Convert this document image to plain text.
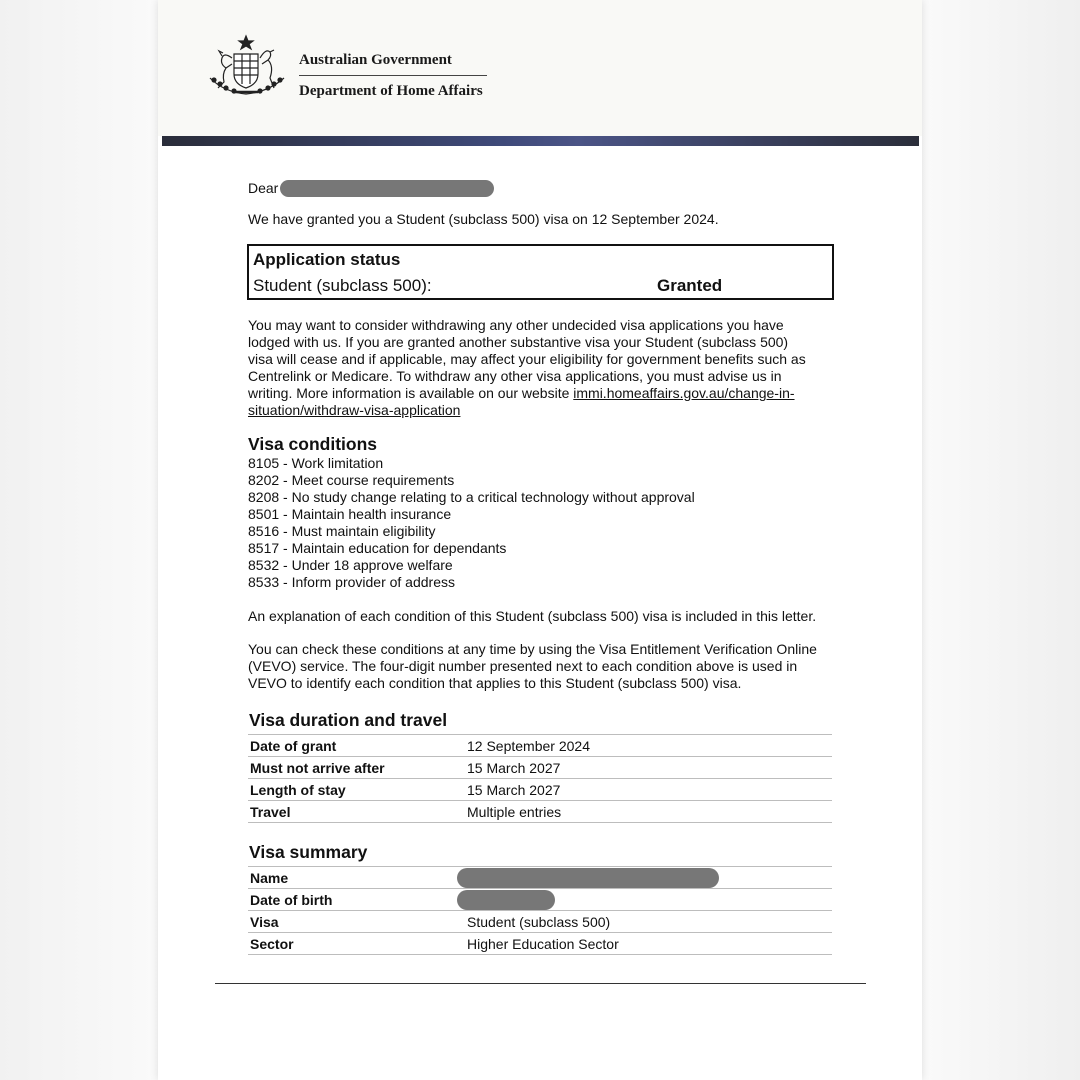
Australian Government
Department of Home Affairs
Dear

We have granted you a Student (subclass 500) visa on 12 September 2024.

Application status
Student (subclass 500):	Granted

You may want to consider withdrawing any other undecided visa applications you have lodged with us. If you are granted another substantive visa your Student (subclass 500) visa will cease and if applicable, may affect your eligibility for government benefits such as Centrelink or Medicare. To withdraw any other visa applications, you must advise us in writing. More information is available on our website immi.homeaffairs.gov.au/change-in-situation/withdraw-visa-application

Visa conditions
8105 - Work limitation
8202 - Meet course requirements
8208 - No study change relating to a critical technology without approval
8501 - Maintain health insurance
8516 - Must maintain eligibility
8517 - Maintain education for dependants
8532 - Under 18 approve welfare
8533 - Inform provider of address

An explanation of each condition of this Student (subclass 500) visa is included in this letter.

You can check these conditions at any time by using the Visa Entitlement Verification Online (VEVO) service. The four-digit number presented next to each condition above is used in VEVO to identify each condition that applies to this Student (subclass 500) visa.

Visa duration and travel
Date of grant	12 September 2024
Must not arrive after	15 March 2027
Length of stay	15 March 2027
Travel	Multiple entries
Visa summary
Name	
Date of birth	
Visa	Student (subclass 500)
Sector	Higher Education Sector
